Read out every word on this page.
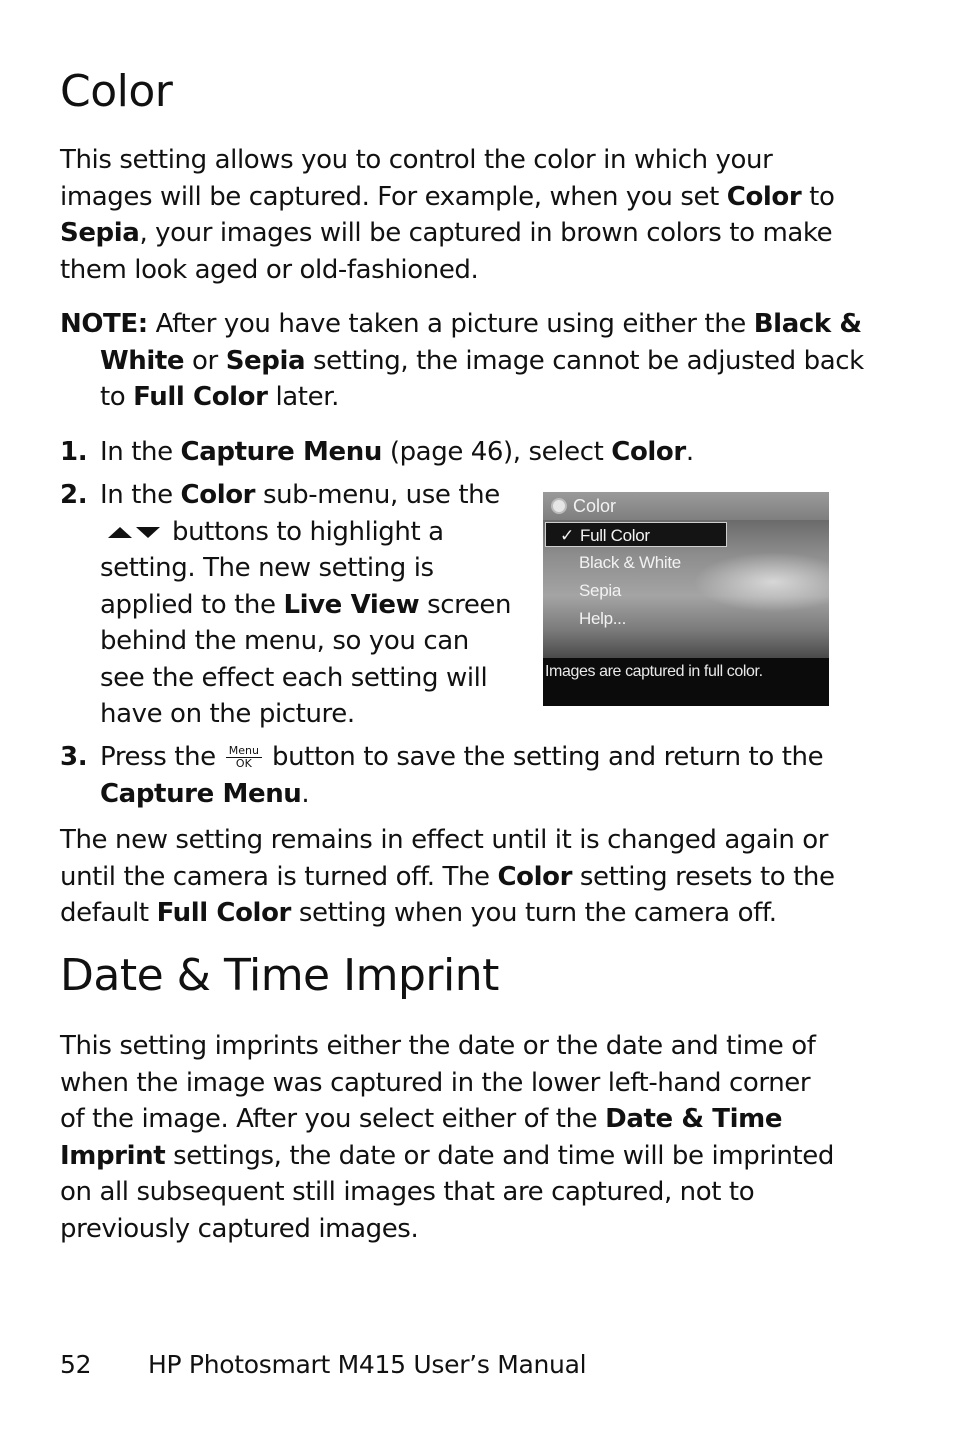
Color

This setting allows you to control the color in which your images will be captured. For example, when you set Color to Sepia, your images will be captured in brown colors to make them look aged or old-fashioned.

NOTE: After you have taken a picture using either the Black & White or Sepia setting, the image cannot be adjusted back to Full Color later.

1. In the Capture Menu (page 46), select Color.
2. In the Color sub-menu, use the
buttons to highlight a setting. The new setting is applied to the Live View screen behind the menu, so you can see the effect each setting will have on the picture.
Color
✓ Full Color
Black & White
Sepia
Help...
Images are captured in full color.
3. Press the Menu
OK button to save the setting and return to the Capture Menu.

The new setting remains in effect until it is changed again or until the camera is turned off. The Color setting resets to the default Full Color setting when you turn the camera off.

Date & Time Imprint

This setting imprints either the date or the date and time of when the image was captured in the lower left-hand corner of the image. After you select either of the Date & Time Imprint settings, the date or date and time will be imprinted on all subsequent still images that are captured, not to previously captured images.

52 HP Photosmart M415 User’s Manual
